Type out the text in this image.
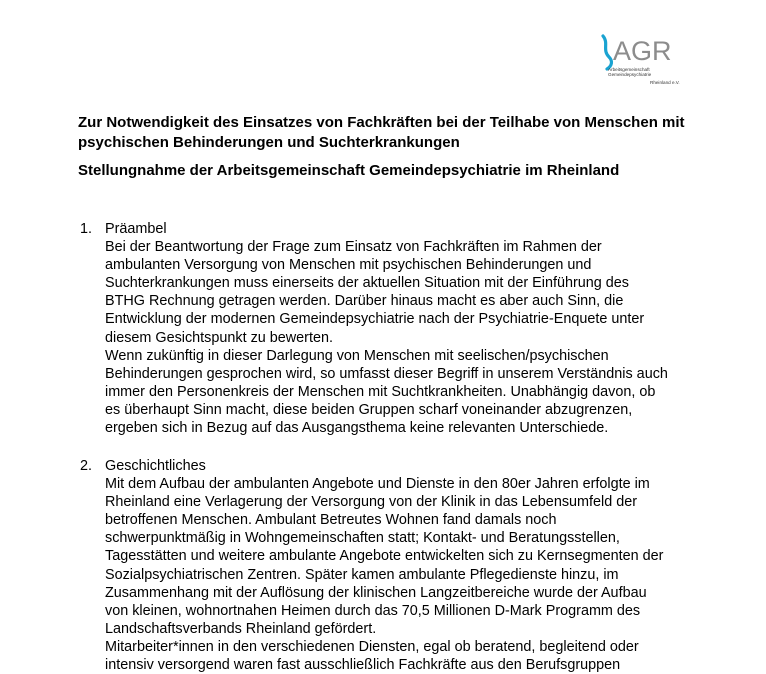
AGR
Arbeitsgemeinschaft
Gemeindepsychiatrie
Rheinland e.V.
Zur Notwendigkeit des Einsatzes von Fachkräften bei der Teilhabe von Menschen mit psychischen Behinderungen und Suchterkrankungen
Stellungnahme der Arbeitsgemeinschaft Gemeindepsychiatrie im Rheinland
1. Präambel
Bei der Beantwortung der Frage zum Einsatz von Fachkräften im Rahmen der
ambulanten Versorgung von Menschen mit psychischen Behinderungen und
Suchterkrankungen muss einerseits der aktuellen Situation mit der Einführung des
BTHG Rechnung getragen werden. Darüber hinaus macht es aber auch Sinn, die
Entwicklung der modernen Gemeindepsychiatrie nach der Psychiatrie-Enquete unter
diesem Gesichtspunkt zu bewerten.
Wenn zukünftig in dieser Darlegung von Menschen mit seelischen/psychischen
Behinderungen gesprochen wird, so umfasst dieser Begriff in unserem Verständnis auch
immer den Personenkreis der Menschen mit Suchtkrankheiten. Unabhängig davon, ob
es überhaupt Sinn macht, diese beiden Gruppen scharf voneinander abzugrenzen,
ergeben sich in Bezug auf das Ausgangsthema keine relevanten Unterschiede.
2. Geschichtliches
Mit dem Aufbau der ambulanten Angebote und Dienste in den 80er Jahren erfolgte im
Rheinland eine Verlagerung der Versorgung von der Klinik in das Lebensumfeld der
betroffenen Menschen. Ambulant Betreutes Wohnen fand damals noch
schwerpunktmäßig in Wohngemeinschaften statt; Kontakt- und Beratungsstellen,
Tagesstätten und weitere ambulante Angebote entwickelten sich zu Kernsegmenten der
Sozialpsychiatrischen Zentren. Später kamen ambulante Pflegedienste hinzu, im
Zusammenhang mit der Auflösung der klinischen Langzeitbereiche wurde der Aufbau
von kleinen, wohnortnahen Heimen durch das 70,5 Millionen D-Mark Programm des
Landschaftsverbands Rheinland gefördert.
Mitarbeiter*innen in den verschiedenen Diensten, egal ob beratend, begleitend oder
intensiv versorgend waren fast ausschließlich Fachkräfte aus den Berufsgruppen
